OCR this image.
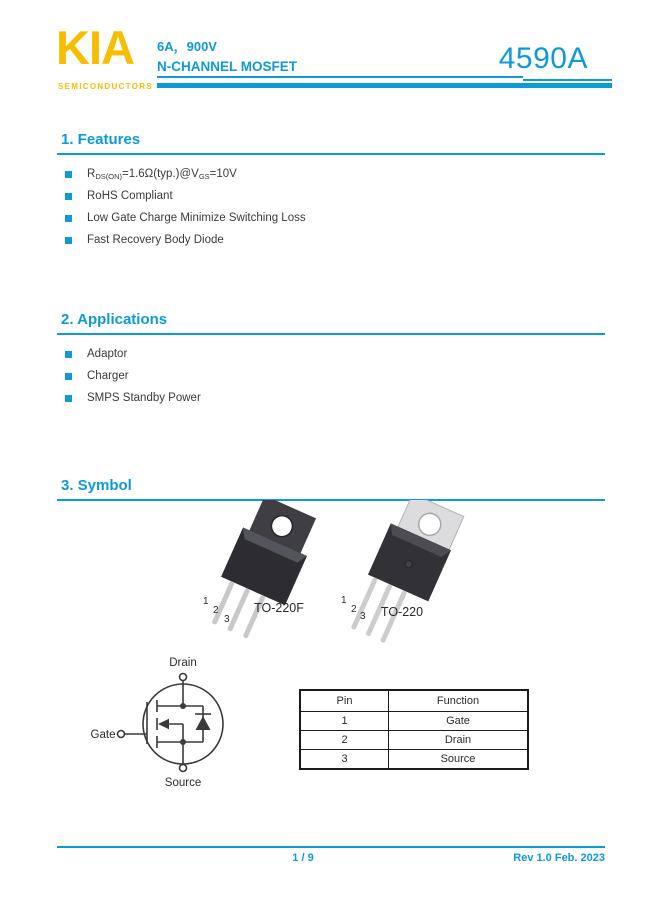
KIA
SEMICONDUCTORS
6A，900V
N-CHANNEL MOSFET	4590A
1. Features
RDS(ON)=1.6Ω(typ.)@VGS=10V
RoHS Compliant
Low Gate Charge Minimize Switching Loss
Fast Recovery Body Diode
2. Applications
Adaptor
Charger
SMPS Standby Power
3. Symbol
1
2
3
TO-220F
1
2
3 TO-220
Drain
Gate
Source
Pin	Function
1	Gate
2	Drain
3	Source
1 / 9	Rev 1.0 Feb. 2023
